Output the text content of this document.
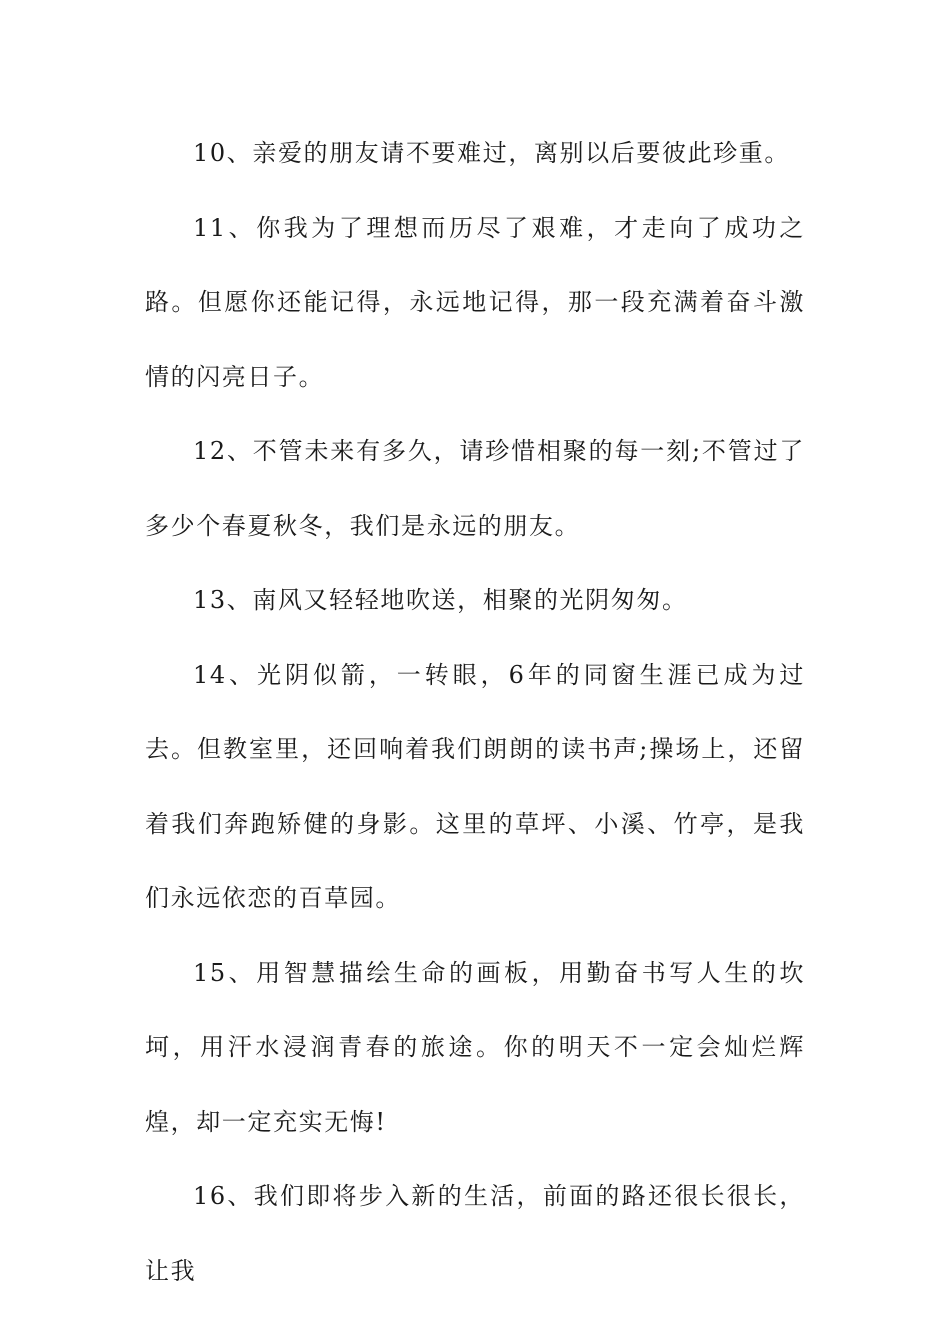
10、亲爱的朋友请不要难过，离别以后要彼此珍重。

11、你我为了理想而历尽了艰难，才走向了成功之路。但愿你还能记得，永远地记得，那一段充满着奋斗激情的闪亮日子。

12、不管未来有多久，请珍惜相聚的每一刻;不管过了多少个春夏秋冬，我们是永远的朋友。

13、南风又轻轻地吹送，相聚的光阴匆匆。

14、光阴似箭，一转眼，6年的同窗生涯已成为过去。但教室里，还回响着我们朗朗的读书声;操场上，还留着我们奔跑矫健的身影。这里的草坪、小溪、竹亭，是我们永远依恋的百草园。

15、用智慧描绘生命的画板，用勤奋书写人生的坎坷，用汗水浸润青春的旅途。你的明天不一定会灿烂辉煌，却一定充实无悔!

16、我们即将步入新的生活，前面的路还很长很长，让我
